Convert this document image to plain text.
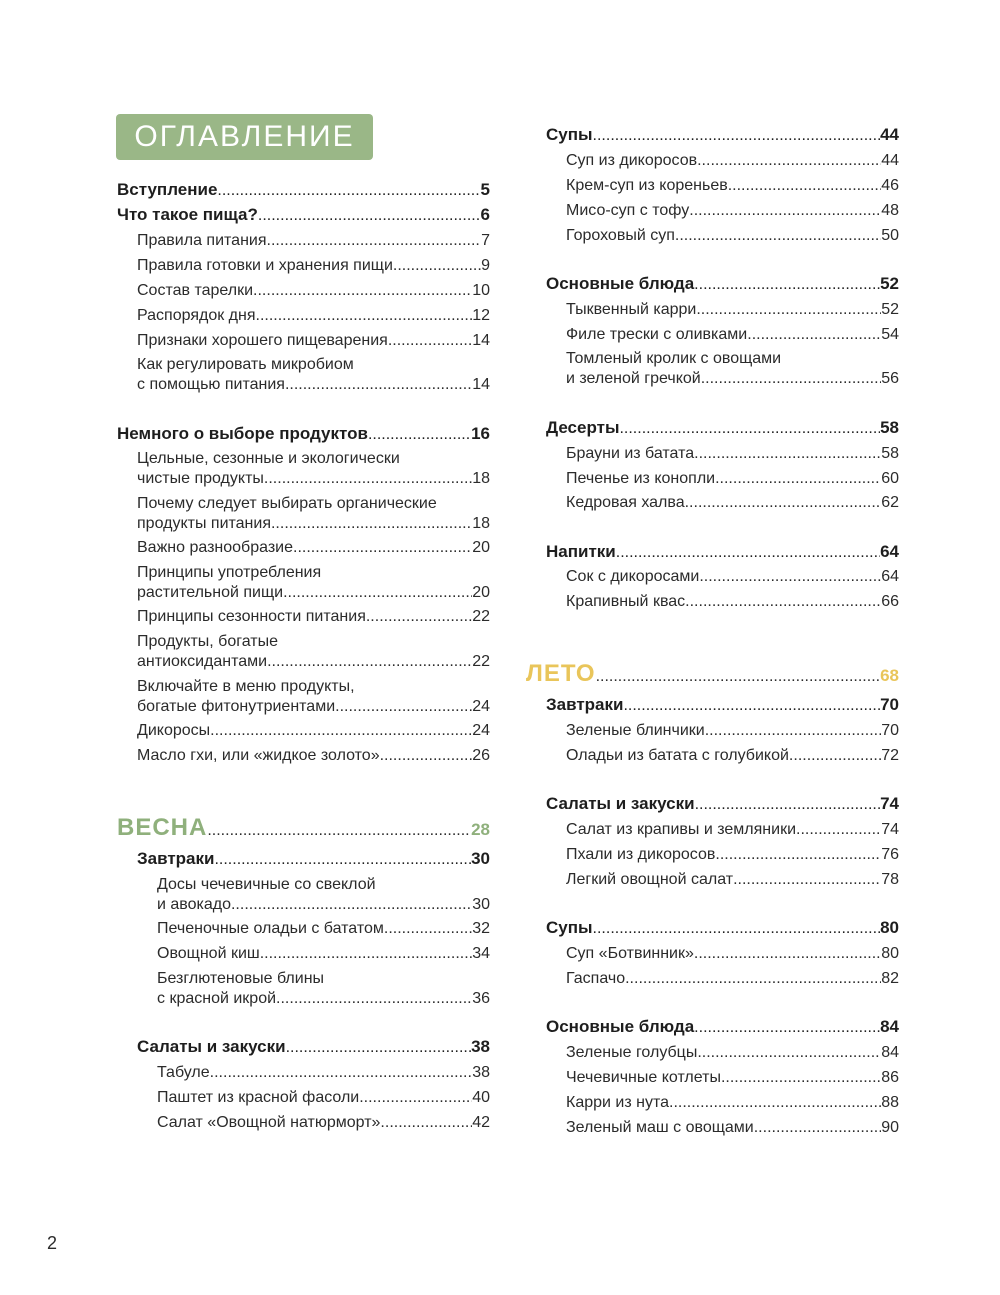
ОГЛАВЛЕНИЕ
Вступление .....	5
Что такое пища? .....	6
Правила питания .....	7
Правила готовки и хранения пищи .....	9
Состав тарелки .....	10
Распорядок дня .....	12
Признаки хорошего пищеварения .....	14
Как регулировать микробиом
с помощью питания .....	14
Немного о выборе продуктов .....	16
Цельные, сезонные и экологически
чистые продукты .....	18
Почему следует выбирать органические
продукты питания .....	18
Важно разнообразие .....	20
Принципы употребления
растительной пищи .....	20
Принципы сезонности питания .....	22
Продукты, богатые
антиоксидантами .....	22
Включайте в меню продукты,
богатые фитонутриентами .....	24
Дикоросы .....	24
Масло гхи, или «жидкое золото» .....	26
ВЕСНА .....	28
Завтраки .....	30
Досы чечевичные со свеклой
и авокадо .....	30
Печеночные оладьи с бататом .....	32
Овощной киш .....	34
Безглютеновые блины
с красной икрой .....	36
Салаты и закуски .....	38
Табуле .....	38
Паштет из красной фасоли .....	40
Салат «Овощной натюрморт» .....	42
Супы .....	44
Суп из дикоросов .....	44
Крем-суп из кореньев .....	46
Мисо-суп с тофу .....	48
Гороховый суп .....	50
Основные блюда .....	52
Тыквенный карри .....	52
Филе трески с оливками .....	54
Томленый кролик с овощами
и зеленой гречкой .....	56
Десерты .....	58
Брауни из батата .....	58
Печенье из конопли .....	60
Кедровая халва .....	62
Напитки .....	64
Сок с дикоросами .....	64
Крапивный квас .....	66
ЛЕТО .....	68
Завтраки .....	70
Зеленые блинчики .....	70
Оладьи из батата с голубикой .....	72
Салаты и закуски .....	74
Салат из крапивы и земляники .....	74
Пхали из дикоросов .....	76
Легкий овощной салат .....	78
Супы .....	80
Суп «Ботвинник» .....	80
Гаспачо .....	82
Основные блюда .....	84
Зеленые голубцы .....	84
Чечевичные котлеты .....	86
Карри из нута .....	88
Зеленый маш с овощами .....	90
2
